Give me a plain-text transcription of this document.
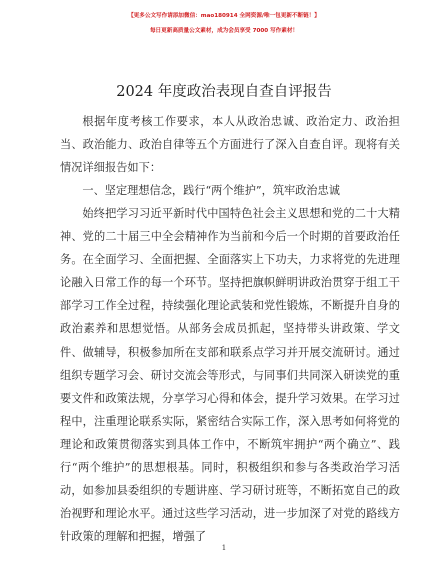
【更多公文写作请添加微信：mao180914 全网资源/唯一包更新不断链！】
每日更新高质量公文素材，成为会员享受 7000 写作素材！
2024 年度政治表现自查自评报告

根据年度考核工作要求，本人从政治忠诚、政治定力、政治担当、政治能力、政治自律等五个方面进行了深入自查自评。现将有关情况详细报告如下：

一、坚定理想信念，践行“两个维护”，筑牢政治忠诚

始终把学习习近平新时代中国特色社会主义思想和党的二十大精神、党的二十届三中全会精神作为当前和今后一个时期的首要政治任务。在全面学习、全面把握、全面落实上下功夫，力求将党的先进理论融入日常工作的每一个环节。坚持把旗帜鲜明讲政治贯穿于组工干部学习工作全过程，持续强化理论武装和党性锻炼，不断提升自身的政治素养和思想觉悟。从部务会成员抓起，坚持带头讲政策、学文件、做辅导，积极参加所在支部和联系点学习并开展交流研讨。通过组织专题学习会、研讨交流会等形式，与同事们共同深入研读党的重要文件和政策法规，分享学习心得和体会，提升学习效果。在学习过程中，注重理论联系实际，紧密结合实际工作，深入思考如何将党的理论和政策贯彻落实到具体工作中，不断筑牢拥护“两个确立”、践行“两个维护”的思想根基。同时，积极组织和参与各类政治学习活动，如参加县委组织的专题讲座、学习研讨班等，不断拓宽自己的政治视野和理论水平。通过这些学习活动，进一步加深了对党的路线方针政策的理解和把握，增强了

1
